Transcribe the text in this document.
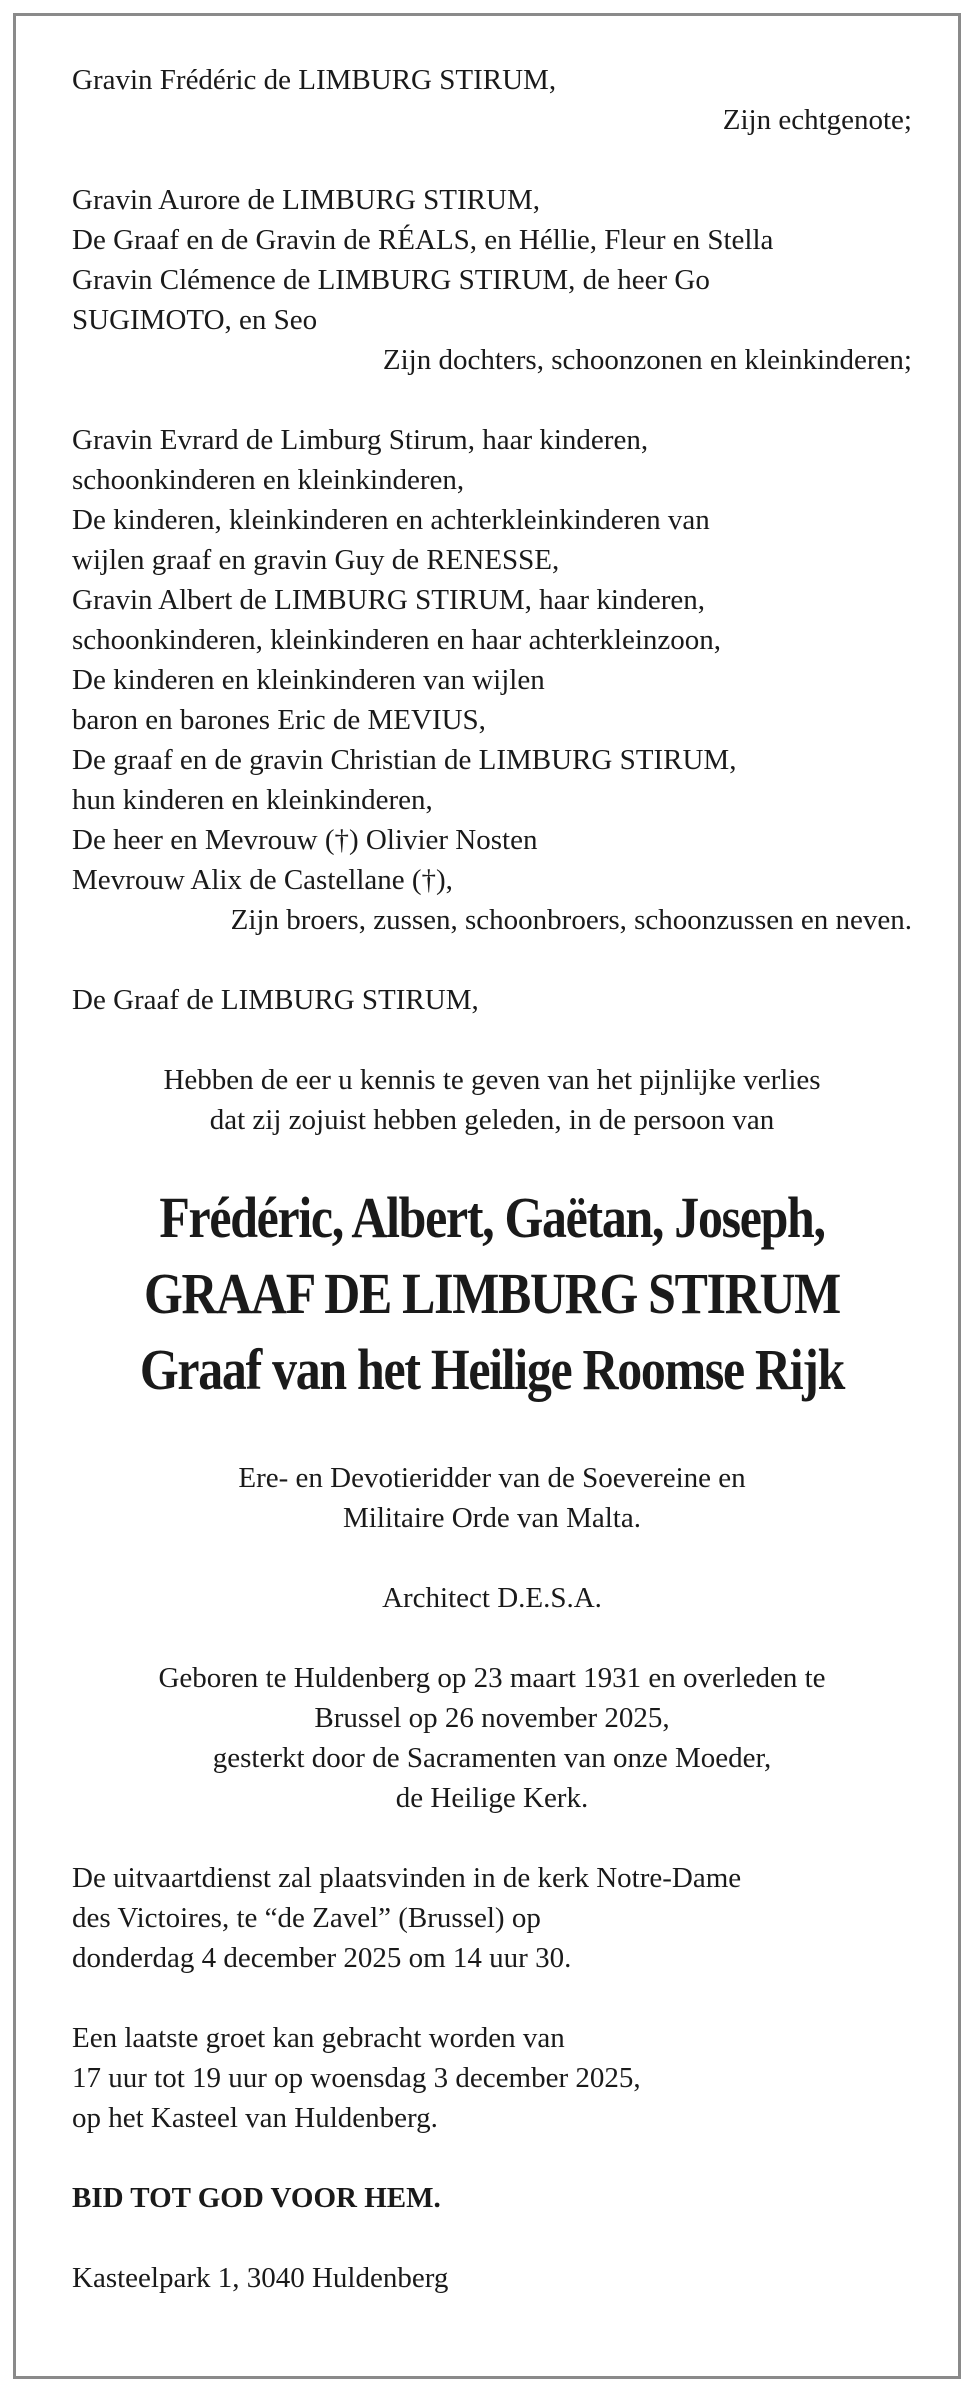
Gravin Frédéric de LIMBURG STIRUM,
Zijn echtgenote;
Gravin Aurore de LIMBURG STIRUM,
De Graaf en de Gravin de RÉALS, en Héllie, Fleur en Stella
Gravin Clémence de LIMBURG STIRUM, de heer Go
SUGIMOTO, en Seo
Zijn dochters, schoonzonen en kleinkinderen;
Gravin Evrard de Limburg Stirum, haar kinderen,
schoonkinderen en kleinkinderen,
De kinderen, kleinkinderen en achterkleinkinderen van
wijlen graaf en gravin Guy de RENESSE,
Gravin Albert de LIMBURG STIRUM, haar kinderen,
schoonkinderen, kleinkinderen en haar achterkleinzoon,
De kinderen en kleinkinderen van wijlen
baron en barones Eric de MEVIUS,
De graaf en de gravin Christian de LIMBURG STIRUM,
hun kinderen en kleinkinderen,
De heer en Mevrouw (†) Olivier Nosten
Mevrouw Alix de Castellane (†),
Zijn broers, zussen, schoonbroers, schoonzussen en neven.
De Graaf de LIMBURG STIRUM,
Hebben de eer u kennis te geven van het pijnlijke verlies
dat zij zojuist hebben geleden, in de persoon van
Frédéric, Albert, Gaëtan, Joseph,
GRAAF DE LIMBURG STIRUM
Graaf van het Heilige Roomse Rijk
Ere- en Devotieridder van de Soevereine en
Militaire Orde van Malta.
Architect D.E.S.A.
Geboren te Huldenberg op 23 maart 1931 en overleden te
Brussel op 26 november 2025,
gesterkt door de Sacramenten van onze Moeder,
de Heilige Kerk.
De uitvaartdienst zal plaatsvinden in de kerk Notre-Dame
des Victoires, te “de Zavel” (Brussel) op
donderdag 4 december 2025 om 14 uur 30.
Een laatste groet kan gebracht worden van
17 uur tot 19 uur op woensdag 3 december 2025,
op het Kasteel van Huldenberg.
BID TOT GOD VOOR HEM.
Kasteelpark 1, 3040 Huldenberg
